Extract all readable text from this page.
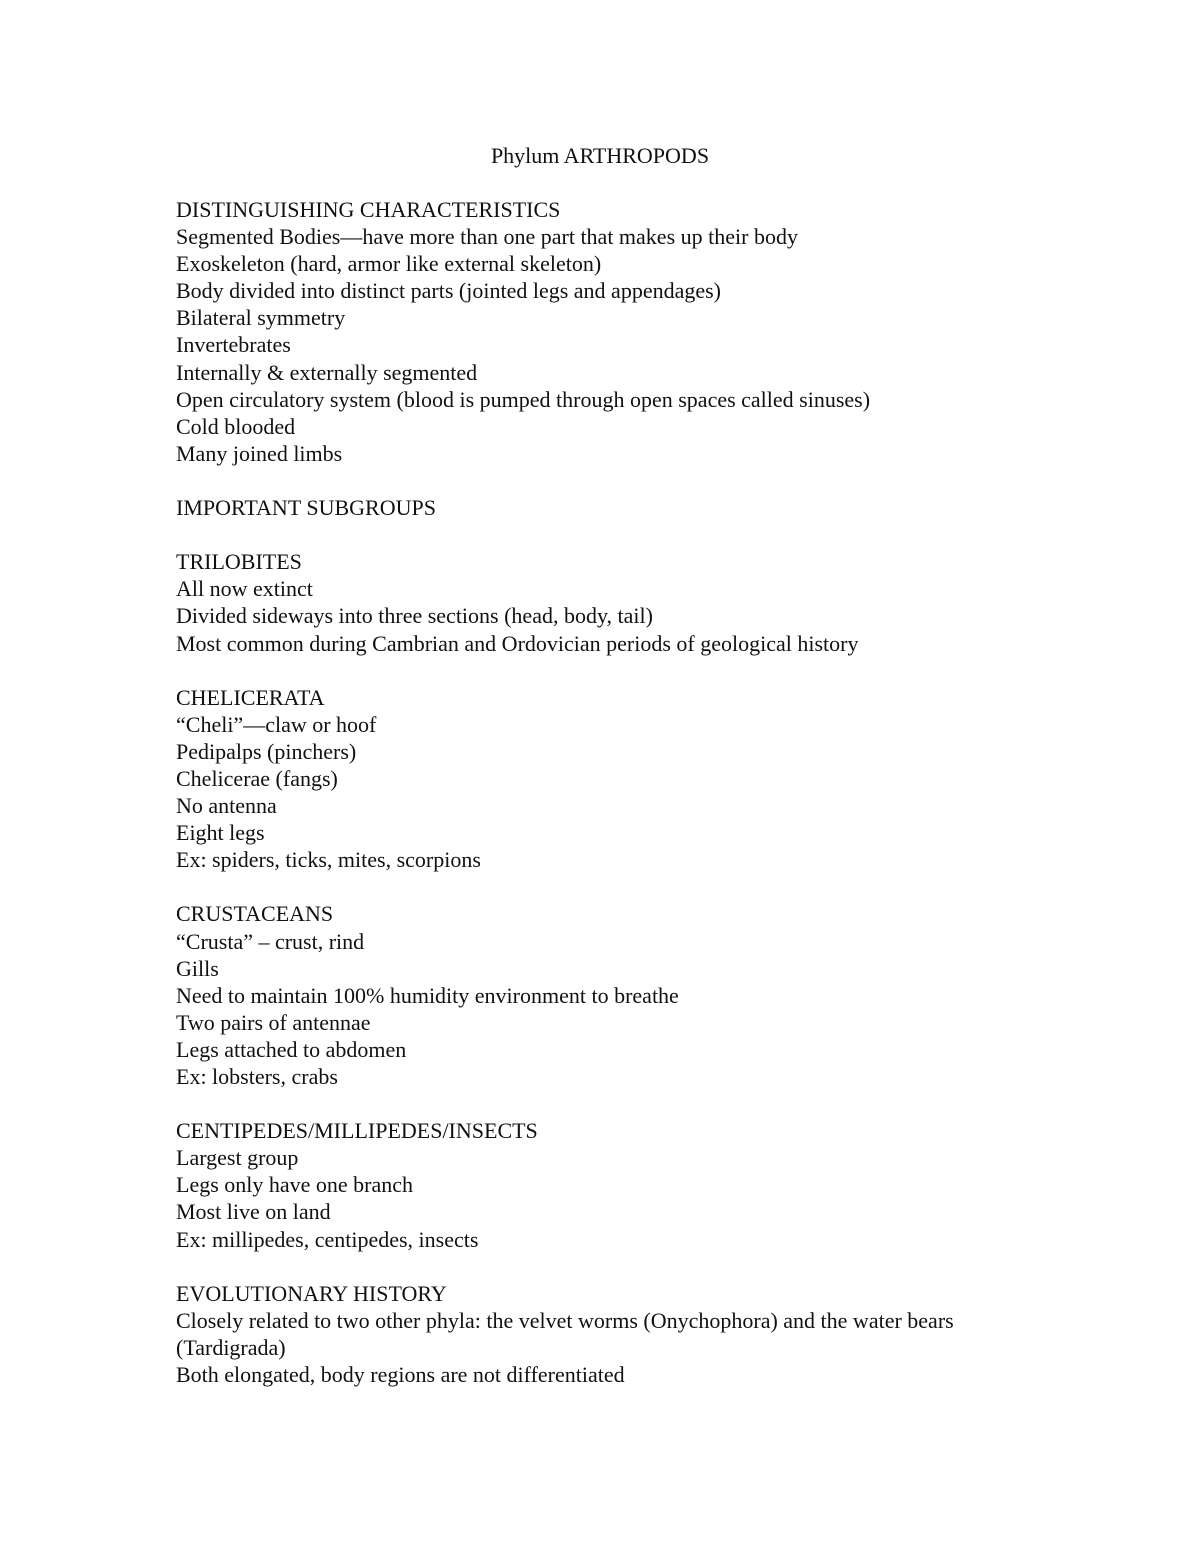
Phylum ARTHROPODS
DISTINGUISHING CHARACTERISTICS
Segmented Bodies—have more than one part that makes up their body
Exoskeleton (hard, armor like external skeleton)
Body divided into distinct parts (jointed legs and appendages)
Bilateral symmetry
Invertebrates
Internally & externally segmented
Open circulatory system (blood is pumped through open spaces called sinuses)
Cold blooded
Many joined limbs
IMPORTANT SUBGROUPS
TRILOBITES
All now extinct
Divided sideways into three sections (head, body, tail)
Most common during Cambrian and Ordovician periods of geological history
CHELICERATA
“Cheli”—claw or hoof
Pedipalps (pinchers)
Chelicerae (fangs)
No antenna
Eight legs
Ex: spiders, ticks, mites, scorpions
CRUSTACEANS
“Crusta” – crust, rind
Gills
Need to maintain 100% humidity environment to breathe
Two pairs of antennae
Legs attached to abdomen
Ex: lobsters, crabs
CENTIPEDES/MILLIPEDES/INSECTS
Largest group
Legs only have one branch
Most live on land
Ex: millipedes, centipedes, insects
EVOLUTIONARY HISTORY
Closely related to two other phyla: the velvet worms (Onychophora) and the water bears (Tardigrada)
Both elongated, body regions are not differentiated
